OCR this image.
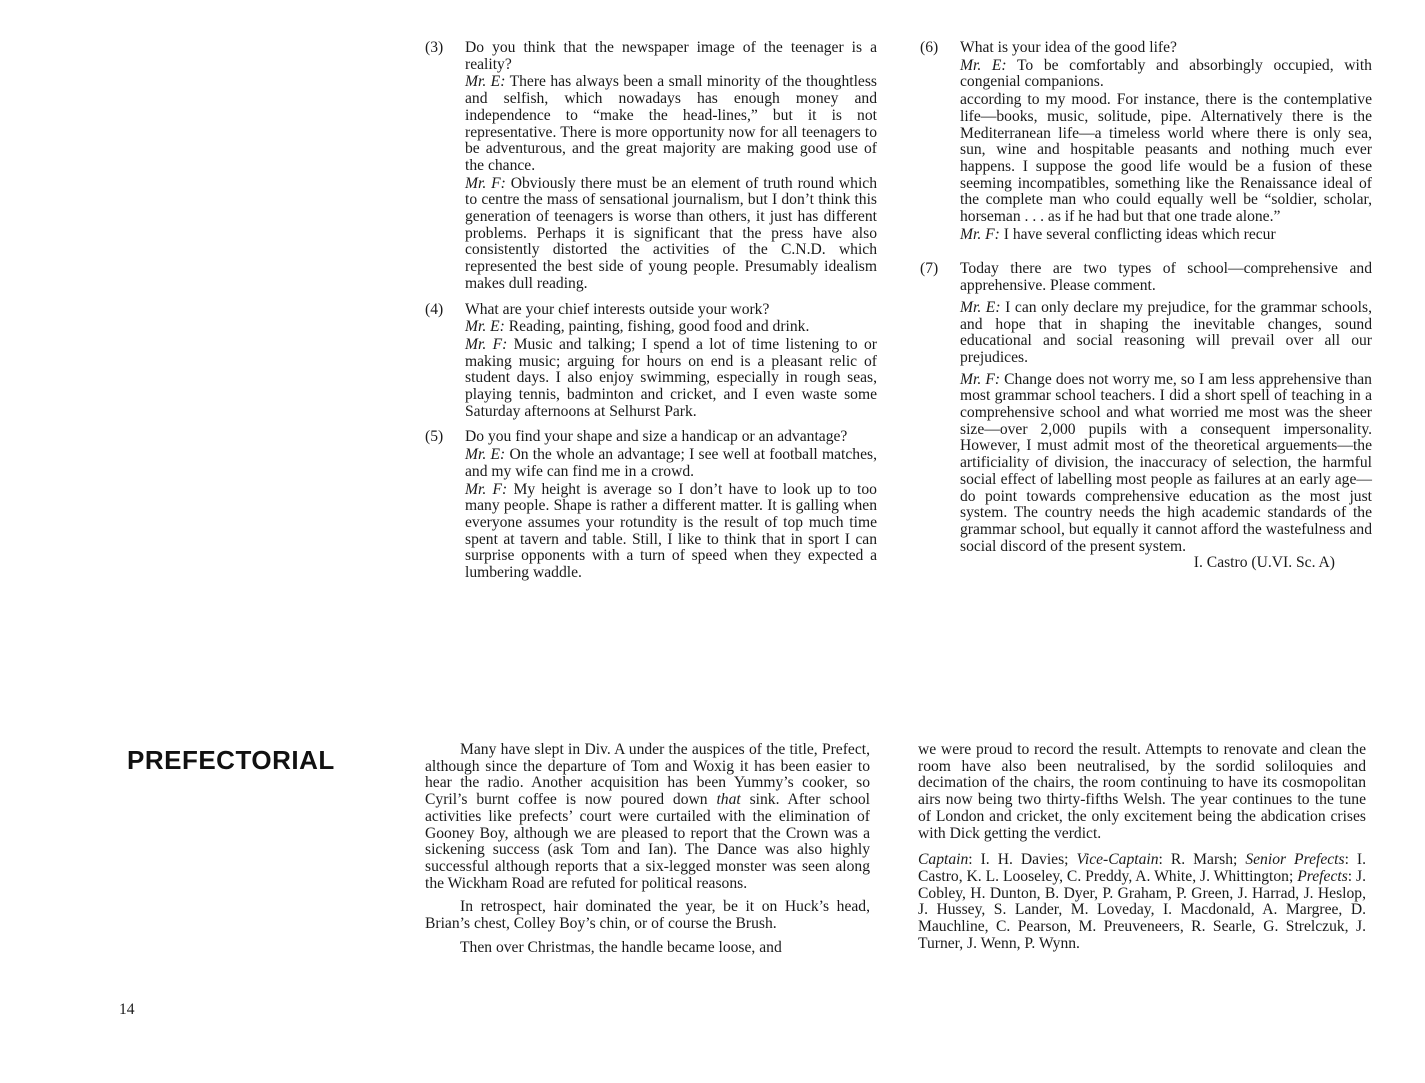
(3) Do you think that the newspaper image of the teenager is a reality?
Mr. E: There has always been a small minority of the thoughtless and selfish, which nowadays has enough money and independence to “make the head-lines,” but it is not representative. There is more opportunity now for all teenagers to be adventurous, and the great majority are making good use of the chance.
Mr. F: Obviously there must be an element of truth round which to centre the mass of sensational journalism, but I don’t think this generation of teenagers is worse than others, it just has different problems. Perhaps it is significant that the press have also consistently distorted the activities of the C.N.D. which represented the best side of young people. Presumably idealism makes dull reading.
(4) What are your chief interests outside your work?
Mr. E: Reading, painting, fishing, good food and drink.
Mr. F: Music and talking; I spend a lot of time listening to or making music; arguing for hours on end is a pleasant relic of student days. I also enjoy swimming, especially in rough seas, playing tennis, badminton and cricket, and I even waste some Saturday afternoons at Selhurst Park.
(5) Do you find your shape and size a handicap or an advantage?
Mr. E: On the whole an advantage; I see well at football matches, and my wife can find me in a crowd.
Mr. F: My height is average so I don’t have to look up to too many people. Shape is rather a different matter. It is galling when everyone assumes your rotundity is the result of top much time spent at tavern and table. Still, I like to think that in sport I can surprise opponents with a turn of speed when they expected a lumbering waddle.
(6) What is your idea of the good life?
Mr. E: To be comfortably and absorbingly occupied, with congenial companions.
according to my mood. For instance, there is the contemplative life—books, music, solitude, pipe. Alternatively there is the Mediterranean life—a timeless world where there is only sea, sun, wine and hospitable peasants and nothing much ever happens. I suppose the good life would be a fusion of these seeming incompatibles, something like the Renaissance ideal of the complete man who could equally well be “soldier, scholar, horseman . . . as if he had but that one trade alone.”
Mr. F: I have several conflicting ideas which recur
(7) Today there are two types of school—comprehensive and apprehensive. Please comment.
Mr. E: I can only declare my prejudice, for the grammar schools, and hope that in shaping the inevitable changes, sound educational and social reasoning will prevail over all our prejudices.
Mr. F: Change does not worry me, so I am less apprehensive than most grammar school teachers. I did a short spell of teaching in a comprehensive school and what worried me most was the sheer size—over 2,000 pupils with a consequent impersonality. However, I must admit most of the theoretical arguements—the artificiality of division, the inaccuracy of selection, the harmful social effect of labelling most people as failures at an early age—do point towards comprehensive education as the most just system. The country needs the high academic standards of the grammar school, but equally it cannot afford the wastefulness and social discord of the present system.

I. Castro (U.VI. Sc. A)

PREFECTORIAL	Many have slept in Div. A under the auspices of the title, Prefect, although since the departure of Tom and Woxig it has been easier to hear the radio. Another acquisition has been Yummy’s cooker, so Cyril’s burnt coffee is now poured down that sink. After school activities like prefects’ court were curtailed with the elimination of Gooney Boy, although we are pleased to report that the Crown was a sickening success (ask Tom and Ian). The Dance was also highly successful although reports that a six-legged monster was seen along the Wickham Road are refuted for political reasons.

In retrospect, hair dominated the year, be it on Huck’s head, Brian’s chest, Colley Boy’s chin, or of course the Brush.

Then over Christmas, the handle became loose, and

we were proud to record the result. Attempts to renovate and clean the room have also been neutralised, by the sordid soliloquies and decimation of the chairs, the room continuing to have its cosmopolitan airs now being two thirty-fifths Welsh. The year continues to the tune of London and cricket, the only excitement being the abdication crises with Dick getting the verdict.

Captain: I. H. Davies; Vice-Captain: R. Marsh; Senior Prefects: I. Castro, K. L. Looseley, C. Preddy, A. White, J. Whittington; Prefects: J. Cobley, H. Dunton, B. Dyer, P. Graham, P. Green, J. Harrad, J. Heslop, J. Hussey, S. Lander, M. Loveday, I. Macdonald, A. Margree, D. Mauchline, C. Pearson, M. Preuveneers, R. Searle, G. Strelczuk, J. Turner, J. Wenn, P. Wynn.

14
